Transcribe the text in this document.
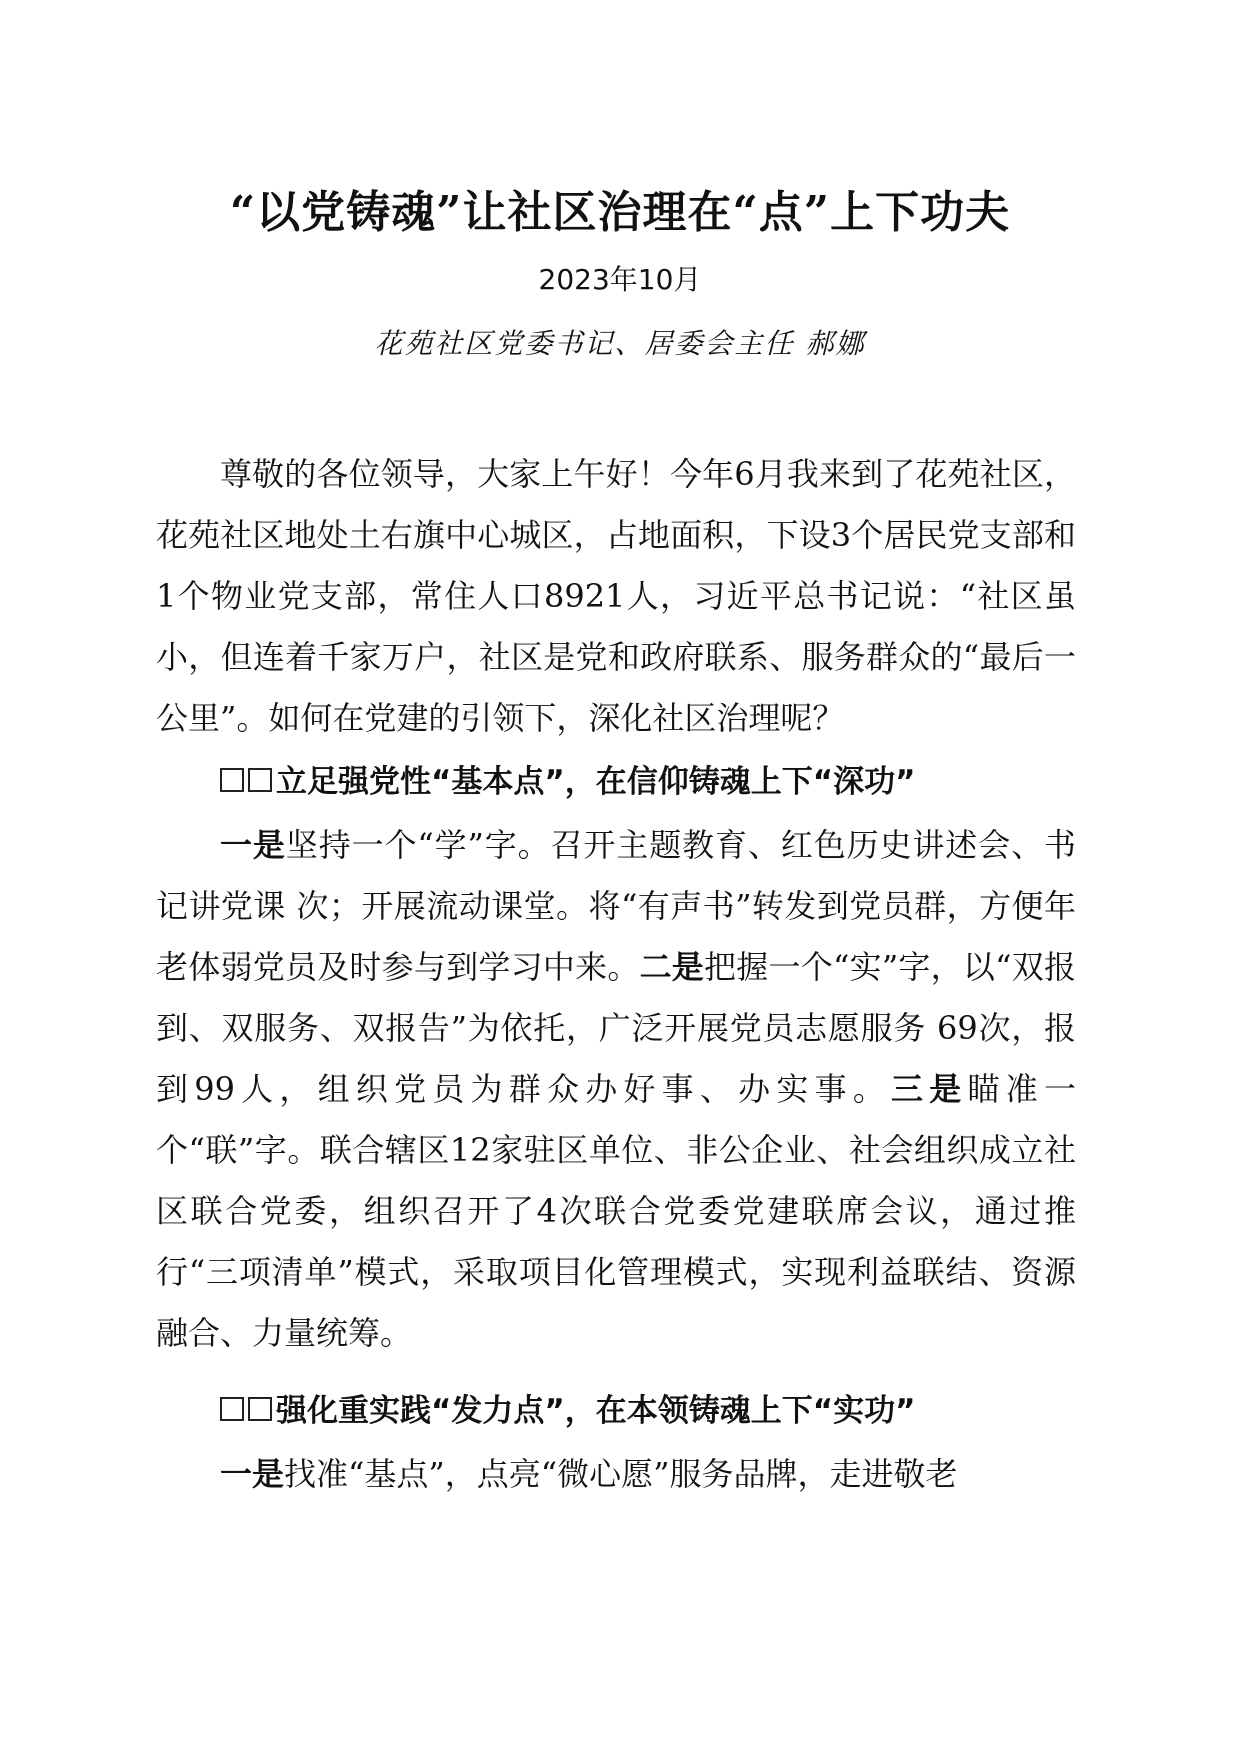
“以党铸魂”让社区治理在“点”上下功夫
2023年10月
花苑社区党委书记、居委会主任 郝娜

尊敬的各位领导，大家上午好！今年6月我来到了花苑社区，花苑社区地处土右旗中心城区，占地面积，下设3个居民党支部和1个物业党支部，常住人口8921人，习近平总书记说：“社区虽小，但连着千家万户，社区是党和政府联系、服务群众的“最后一公里”。如何在党建的引领下，深化社区治理呢？

立足强党性“基本点”，在信仰铸魂上下“深功”

一是坚持一个“学”字。召开主题教育、红色历史讲述会、书记讲党课 次；开展流动课堂。将“有声书”转发到党员群，方便年老体弱党员及时参与到学习中来。二是把握一个“实”字，以“双报到、双服务、双报告”为依托，广泛开展党员志愿服务 69次，报到99人，组织党员为群众办好事、办实事。三是瞄准一个“联”字。联合辖区12家驻区单位、非公企业、社会组织成立社区联合党委，组织召开了4次联合党委党建联席会议，通过推行“三项清单”模式，采取项目化管理模式，实现利益联结、资源融合、力量统筹。

强化重实践“发力点”，在本领铸魂上下“实功”

一是找准“基点”，点亮“微心愿”服务品牌，走进敬老
